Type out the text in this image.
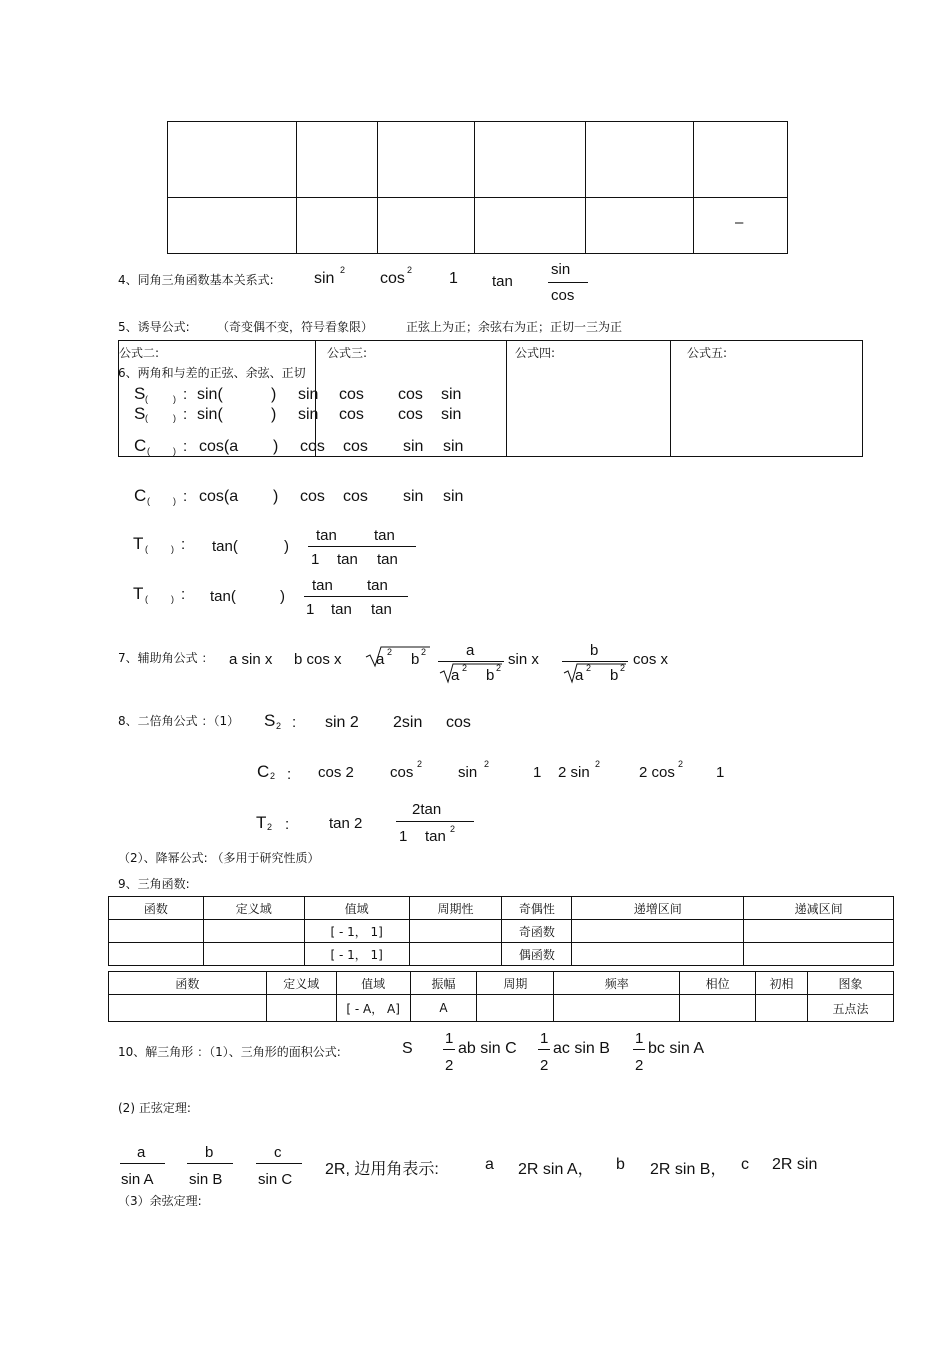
–
4、同角三角函数基本关系式:	sin 2 cos 2 1 tan
sin
cos
5、诱导公式: （奇变偶不变，符号看象限）	正弦上为正；余弦右为正；正切一三为正
公式二:	公式三:	公式四:	公式五:
6、两角和与差的正弦、余弦、正切
S (	) : sin(	) sin cos cos sin
S (	) : sin(	) sin cos cos sin
C (	) : cos(a ) cos cos sin sin
C (	) : cos(a ) cos cos sin sin
T (	) : tan(	)
tan tan
1 tan tan
T (	) : tan(	)
tan tan
1 tan tan
7、辅助角公式 ： a sin x b cos x a 2 b 2	a
a 2 b 2 sin x
b
a 2 b 2 cos x
8、二倍角公式 ：（1） S 2 : sin 2 2sin cos
C 2 : cos 2 cos 2 sin 2	1 2 sin 2	2 cos 2 1
T 2 :	tan 2
2tan
1 tan 2
（2）、降幂公式: （多用于研究性质）
9、三角函数:
函数	定义域	值域	周期性	奇偶性	递增区间	递减区间
		[ - 1， 1]		奇函数		
		[ - 1， 1]		偶函数		
函数	定义域	值域	振幅	周期	频率	相位	初相	图象
		[ - A， A]	A					五点法
10、解三角形 ：（1）、三角形的面积公式:	S
1
2
ab sin C
1
2
ac sin B
1
2
bc sin A
(2) 正弦定理:
a
sin A
b
sin B
c
sin C
2R, 边用角表示:	a 2R sin A， b 2R sin B， c 2R sin
（3）余弦定理:
